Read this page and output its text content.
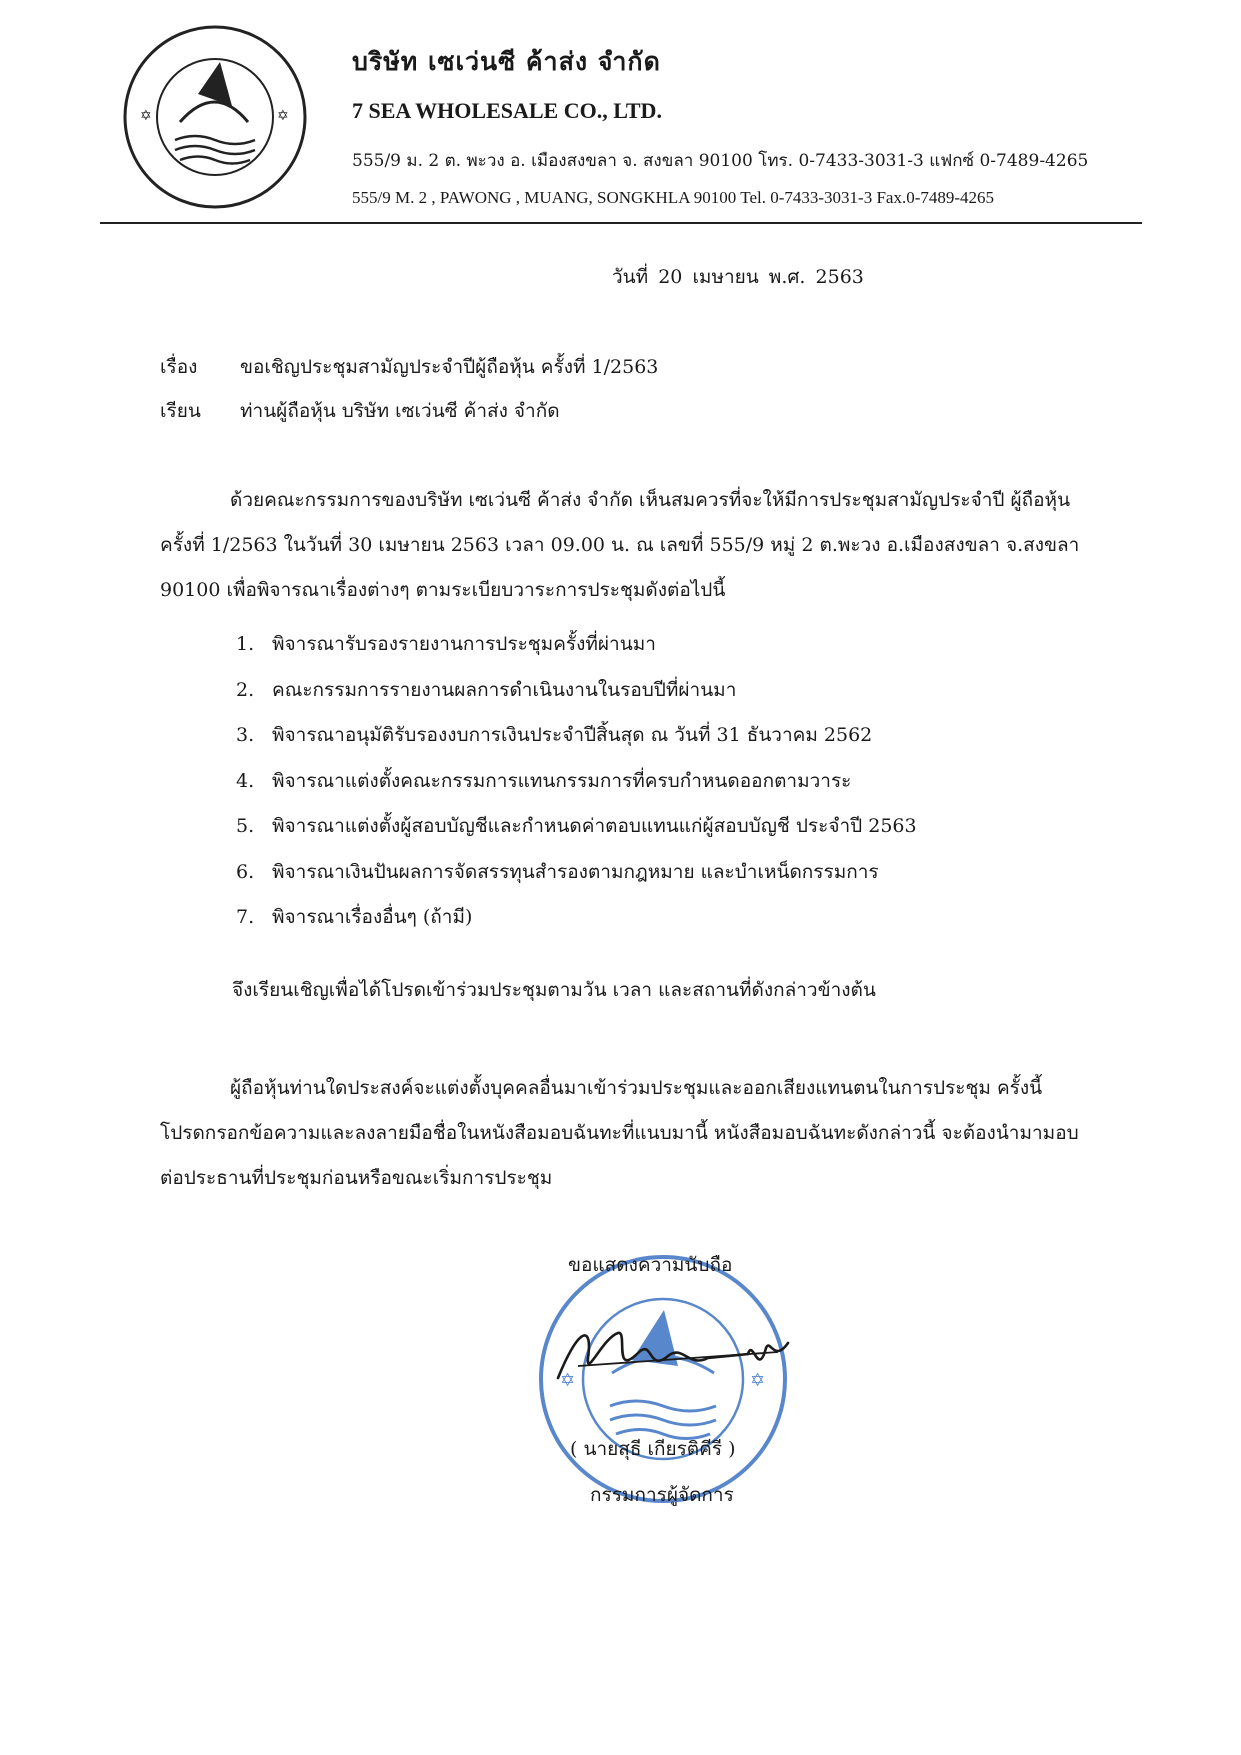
✡	✡
บริษัท เซเว่นซี ค้าส่ง จำกัด
7 SEA WHOLESALE CO., LTD.
555/9 ม. 2 ต. พะวง อ. เมืองสงขลา จ. สงขลา 90100 โทร. 0-7433-3031-3 แฟกซ์ 0-7489-4265
555/9 M. 2 , PAWONG , MUANG, SONGKHLA 90100 Tel. 0-7433-3031-3 Fax.0-7489-4265
วันที่ 20 เมษายน พ.ศ. 2563
เรื่อง ขอเชิญประชุมสามัญประจำปีผู้ถือหุ้น ครั้งที่ 1/2563
เรียน ท่านผู้ถือหุ้น บริษัท เซเว่นซี ค้าส่ง จำกัด
ด้วยคณะกรรมการของบริษัท เซเว่นซี ค้าส่ง จำกัด เห็นสมควรที่จะให้มีการประชุมสามัญประจำปี ผู้ถือหุ้น ครั้งที่ 1/2563 ในวันที่ 30 เมษายน 2563 เวลา 09.00 น. ณ เลขที่ 555/9 หมู่ 2 ต.พะวง อ.เมืองสงขลา จ.สงขลา 90100 เพื่อพิจารณาเรื่องต่างๆ ตามระเบียบวาระการประชุมดังต่อไปนี้
1. พิจารณารับรองรายงานการประชุมครั้งที่ผ่านมา
2. คณะกรรมการรายงานผลการดำเนินงานในรอบปีที่ผ่านมา
3. พิจารณาอนุมัติรับรองงบการเงินประจำปีสิ้นสุด ณ วันที่ 31 ธันวาคม 2562
4. พิจารณาแต่งตั้งคณะกรรมการแทนกรรมการที่ครบกำหนดออกตามวาระ
5. พิจารณาแต่งตั้งผู้สอบบัญชีและกำหนดค่าตอบแทนแก่ผู้สอบบัญชี ประจำปี 2563
6. พิจารณาเงินปันผลการจัดสรรทุนสำรองตามกฎหมาย และบำเหน็ดกรรมการ
7. พิจารณาเรื่องอื่นๆ (ถ้ามี)
จึงเรียนเชิญเพื่อได้โปรดเข้าร่วมประชุมตามวัน เวลา และสถานที่ดังกล่าวข้างต้น
ผู้ถือหุ้นท่านใดประสงค์จะแต่งตั้งบุคคลอื่นมาเข้าร่วมประชุมและออกเสียงแทนตนในการประชุม ครั้งนี้ โปรดกรอกข้อความและลงลายมือชื่อในหนังสือมอบฉันทะที่แนบมานี้ หนังสือมอบฉันทะดังกล่าวนี้ จะต้องนำมามอบต่อประธานที่ประชุมก่อนหรือขณะเริ่มการประชุม
✡	✡
ขอแสดงความนับถือ
( นายสุธี เกียรติคีรี )
กรรมการผู้จัดการ
